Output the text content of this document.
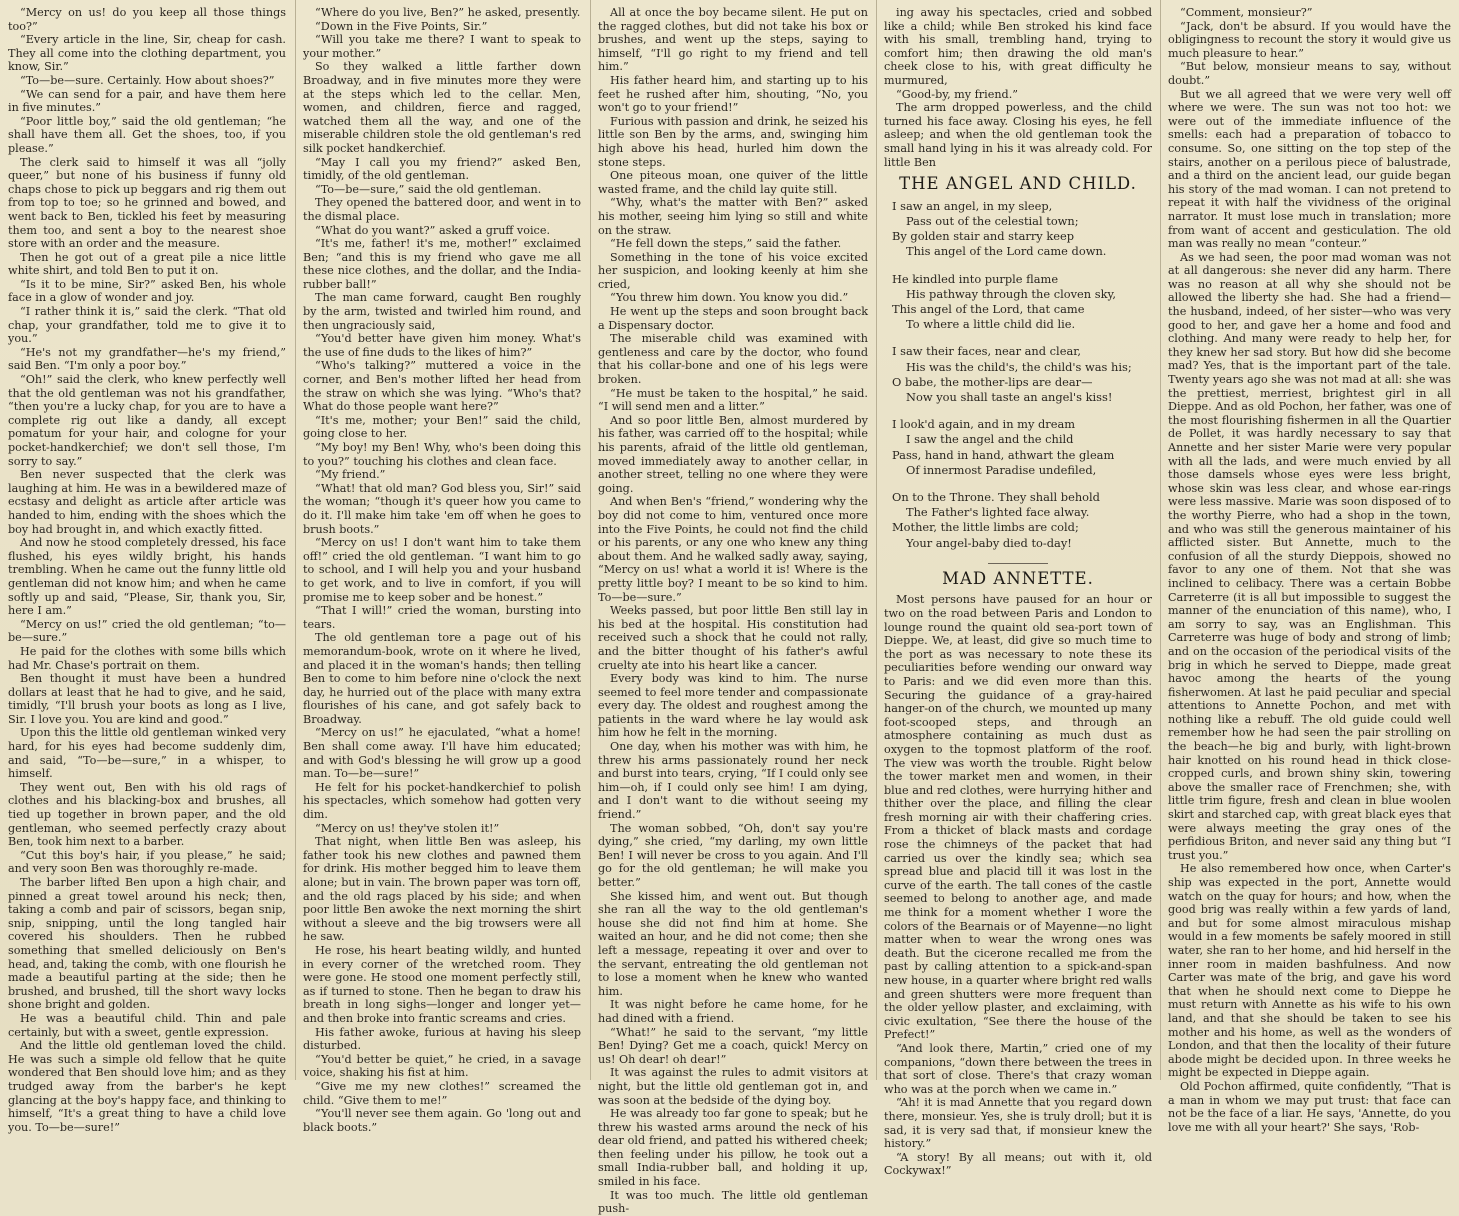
“Mercy on us! do you keep all those things too?”

“Every article in the line, Sir, cheap for cash. They all come into the clothing department, you know, Sir.”

“To—be—sure. Certainly. How about shoes?”

“We can send for a pair, and have them here in five minutes.”

“Poor little boy,” said the old gentleman; “he shall have them all. Get the shoes, too, if you please.”

The clerk said to himself it was all “jolly queer,” but none of his business if funny old chaps chose to pick up beggars and rig them out from top to toe; so he grinned and bowed, and went back to Ben, tickled his feet by measuring them too, and sent a boy to the nearest shoe store with an order and the measure.

Then he got out of a great pile a nice little white shirt, and told Ben to put it on.

“Is it to be mine, Sir?” asked Ben, his whole face in a glow of wonder and joy.

“I rather think it is,” said the clerk. “That old chap, your grandfather, told me to give it to you.”

“He's not my grandfather—he's my friend,” said Ben. “I'm only a poor boy.”

“Oh!” said the clerk, who knew perfectly well that the old gentleman was not his grandfather, “then you're a lucky chap, for you are to have a complete rig out like a dandy, all except pomatum for your hair, and cologne for your pocket-handkerchief; we don't sell those, I'm sorry to say.”

Ben never suspected that the clerk was laughing at him. He was in a bewildered maze of ecstasy and delight as article after article was handed to him, ending with the shoes which the boy had brought in, and which exactly fitted.

And now he stood completely dressed, his face flushed, his eyes wildly bright, his hands trembling. When he came out the funny little old gentleman did not know him; and when he came softly up and said, “Please, Sir, thank you, Sir, here I am.”

“Mercy on us!” cried the old gentleman; “to—be—sure.”

He paid for the clothes with some bills which had Mr. Chase's portrait on them.

Ben thought it must have been a hundred dollars at least that he had to give, and he said, timidly, “I'll brush your boots as long as I live, Sir. I love you. You are kind and good.”

Upon this the little old gentleman winked very hard, for his eyes had become suddenly dim, and said, “To—be—sure,” in a whisper, to himself.

They went out, Ben with his old rags of clothes and his blacking-box and brushes, all tied up together in brown paper, and the old gentleman, who seemed perfectly crazy about Ben, took him next to a barber.

“Cut this boy's hair, if you please,” he said; and very soon Ben was thoroughly re-made.

The barber lifted Ben upon a high chair, and pinned a great towel around his neck; then, taking a comb and pair of scissors, began snip, snip, snipping, until the long tangled hair covered his shoulders. Then he rubbed something that smelled deliciously on Ben's head, and, taking the comb, with one flourish he made a beautiful parting at the side; then he brushed, and brushed, till the short wavy locks shone bright and golden.

He was a beautiful child. Thin and pale certainly, but with a sweet, gentle expression.

And the little old gentleman loved the child. He was such a simple old fellow that he quite wondered that Ben should love him; and as they trudged away from the barber's he kept glancing at the boy's happy face, and thinking to himself, “It's a great thing to have a child love you. To—be—sure!”

“Where do you live, Ben?” he asked, presently.

“Down in the Five Points, Sir.”

“Will you take me there? I want to speak to your mother.”

So they walked a little farther down Broadway, and in five minutes more they were at the steps which led to the cellar. Men, women, and children, fierce and ragged, watched them all the way, and one of the miserable children stole the old gentleman's red silk pocket handkerchief.

“May I call you my friend?” asked Ben, timidly, of the old gentleman.

“To—be—sure,” said the old gentleman.

They opened the battered door, and went in to the dismal place.

“What do you want?” asked a gruff voice.

“It's me, father! it's me, mother!” exclaimed Ben; “and this is my friend who gave me all these nice clothes, and the dollar, and the India-rubber ball!”

The man came forward, caught Ben roughly by the arm, twisted and twirled him round, and then ungraciously said,

“You'd better have given him money. What's the use of fine duds to the likes of him?”

“Who's talking?” muttered a voice in the corner, and Ben's mother lifted her head from the straw on which she was lying. “Who's that? What do those people want here?”

“It's me, mother; your Ben!” said the child, going close to her.

“My boy! my Ben! Why, who's been doing this to you?” touching his clothes and clean face.

“My friend.”

“What! that old man? God bless you, Sir!” said the woman; “though it's queer how you came to do it. I'll make him take 'em off when he goes to brush boots.”

“Mercy on us! I don't want him to take them off!” cried the old gentleman. “I want him to go to school, and I will help you and your husband to get work, and to live in comfort, if you will promise me to keep sober and be honest.”

“That I will!” cried the woman, bursting into tears.

The old gentleman tore a page out of his memorandum-book, wrote on it where he lived, and placed it in the woman's hands; then telling Ben to come to him before nine o'clock the next day, he hurried out of the place with many extra flourishes of his cane, and got safely back to Broadway.

“Mercy on us!” he ejaculated, “what a home! Ben shall come away. I'll have him educated; and with God's blessing he will grow up a good man. To—be—sure!”

He felt for his pocket-handkerchief to polish his spectacles, which somehow had gotten very dim.

“Mercy on us! they've stolen it!”

That night, when little Ben was asleep, his father took his new clothes and pawned them for drink. His mother begged him to leave them alone; but in vain. The brown paper was torn off, and the old rags placed by his side; and when poor little Ben awoke the next morning the shirt without a sleeve and the big trowsers were all he saw.

He rose, his heart beating wildly, and hunted in every corner of the wretched room. They were gone. He stood one moment perfectly still, as if turned to stone. Then he began to draw his breath in long sighs—longer and longer yet—and then broke into frantic screams and cries.

His father awoke, furious at having his sleep disturbed.

“You'd better be quiet,” he cried, in a savage voice, shaking his fist at him.

“Give me my new clothes!” screamed the child. “Give them to me!”

“You'll never see them again. Go 'long out and black boots.”

All at once the boy became silent. He put on the ragged clothes, but did not take his box or brushes, and went up the steps, saying to himself, “I'll go right to my friend and tell him.”

His father heard him, and starting up to his feet he rushed after him, shouting, “No, you won't go to your friend!”

Furious with passion and drink, he seized his little son Ben by the arms, and, swinging him high above his head, hurled him down the stone steps.

One piteous moan, one quiver of the little wasted frame, and the child lay quite still.

“Why, what's the matter with Ben?” asked his mother, seeing him lying so still and white on the straw.

“He fell down the steps,” said the father.

Something in the tone of his voice excited her suspicion, and looking keenly at him she cried,

“You threw him down. You know you did.”

He went up the steps and soon brought back a Dispensary doctor.

The miserable child was examined with gentleness and care by the doctor, who found that his collar-bone and one of his legs were broken.

“He must be taken to the hospital,” he said. “I will send men and a litter.”

And so poor little Ben, almost murdered by his father, was carried off to the hospital; while his parents, afraid of the little old gentleman, moved immediately away to another cellar, in another street, telling no one where they were going.

And when Ben's “friend,” wondering why the boy did not come to him, ventured once more into the Five Points, he could not find the child or his parents, or any one who knew any thing about them. And he walked sadly away, saying, “Mercy on us! what a world it is! Where is the pretty little boy? I meant to be so kind to him. To—be—sure.”

Weeks passed, but poor little Ben still lay in his bed at the hospital. His constitution had received such a shock that he could not rally, and the bitter thought of his father's awful cruelty ate into his heart like a cancer.

Every body was kind to him. The nurse seemed to feel more tender and compassionate every day. The oldest and roughest among the patients in the ward where he lay would ask him how he felt in the morning.

One day, when his mother was with him, he threw his arms passionately round her neck and burst into tears, crying, “If I could only see him—oh, if I could only see him! I am dying, and I don't want to die without seeing my friend.”

The woman sobbed, “Oh, don't say you're dying,” she cried, “my darling, my own little Ben! I will never be cross to you again. And I'll go for the old gentleman; he will make you better.”

She kissed him, and went out. But though she ran all the way to the old gentleman's house she did not find him at home. She waited an hour, and he did not come; then she left a message, repeating it over and over to the servant, entreating the old gentleman not to lose a moment when he knew who wanted him.

It was night before he came home, for he had dined with a friend.

“What!” he said to the servant, “my little Ben! Dying? Get me a coach, quick! Mercy on us! Oh dear! oh dear!”

It was against the rules to admit visitors at night, but the little old gentleman got in, and was soon at the bedside of the dying boy.

He was already too far gone to speak; but he threw his wasted arms around the neck of his dear old friend, and patted his withered cheek; then feeling under his pillow, he took out a small India-rubber ball, and holding it up, smiled in his face.

It was too much. The little old gentleman push-

ing away his spectacles, cried and sobbed like a child; while Ben stroked his kind face with his small, trembling hand, trying to comfort him; then drawing the old man's cheek close to his, with great difficulty he murmured,

“Good-by, my friend.”

The arm dropped powerless, and the child turned his face away. Closing his eyes, he fell asleep; and when the old gentleman took the small hand lying in his it was already cold. For little Ben

THE ANGEL AND CHILD.
I saw an angel, in my sleep,
Pass out of the celestial town;
By golden stair and starry keep
This angel of the Lord came down.
He kindled into purple flame
His pathway through the cloven sky,
This angel of the Lord, that came
To where a little child did lie.
I saw their faces, near and clear,
His was the child's, the child's was his;
O babe, the mother-lips are dear—
Now you shall taste an angel's kiss!
I look'd again, and in my dream
I saw the angel and the child
Pass, hand in hand, athwart the gleam
Of innermost Paradise undefiled,
On to the Throne. They shall behold
The Father's lighted face alway.
Mother, the little limbs are cold;
Your angel-baby died to-day!
MAD ANNETTE.

Most persons have paused for an hour or two on the road between Paris and London to lounge round the quaint old sea-port town of Dieppe. We, at least, did give so much time to the port as was necessary to note these its peculiarities before wending our onward way to Paris: and we did even more than this. Securing the guidance of a gray-haired hanger-on of the church, we mounted up many foot-scooped steps, and through an atmosphere containing as much dust as oxygen to the topmost platform of the roof. The view was worth the trouble. Right below the tower market men and women, in their blue and red clothes, were hurrying hither and thither over the place, and filling the clear fresh morning air with their chaffering cries. From a thicket of black masts and cordage rose the chimneys of the packet that had carried us over the kindly sea; which sea spread blue and placid till it was lost in the curve of the earth. The tall cones of the castle seemed to belong to another age, and made me think for a moment whether I wore the colors of the Bearnais or of Mayenne—no light matter when to wear the wrong ones was death. But the cicerone recalled me from the past by calling attention to a spick-and-span new house, in a quarter where bright red walls and green shutters were more frequent than the older yellow plaster, and exclaiming, with civic exultation, “See there the house of the Prefect!”

“And look there, Martin,” cried one of my companions, “down there between the trees in that sort of close. There's that crazy woman who was at the porch when we came in.”

“Ah! it is mad Annette that you regard down there, monsieur. Yes, she is truly droll; but it is sad, it is very sad that, if monsieur knew the history.”

“A story! By all means; out with it, old Cockywax!”

“Comment, monsieur?”

“Jack, don't be absurd. If you would have the obligingness to recount the story it would give us much pleasure to hear.”

“But below, monsieur means to say, without doubt.”

But we all agreed that we were very well off where we were. The sun was not too hot: we were out of the immediate influence of the smells: each had a preparation of tobacco to consume. So, one sitting on the top step of the stairs, another on a perilous piece of balustrade, and a third on the ancient lead, our guide began his story of the mad woman. I can not pretend to repeat it with half the vividness of the original narrator. It must lose much in translation; more from want of accent and gesticulation. The old man was really no mean “conteur.”

As we had seen, the poor mad woman was not at all dangerous: she never did any harm. There was no reason at all why she should not be allowed the liberty she had. She had a friend—the husband, indeed, of her sister—who was very good to her, and gave her a home and food and clothing. And many were ready to help her, for they knew her sad story. But how did she become mad? Yes, that is the important part of the tale. Twenty years ago she was not mad at all: she was the prettiest, merriest, brightest girl in all Dieppe. And as old Pochon, her father, was one of the most flourishing fishermen in all the Quartier de Pollet, it was hardly necessary to say that Annette and her sister Marie were very popular with all the lads, and were much envied by all those damsels whose eyes were less bright, whose skin was less clear, and whose ear-rings were less massive. Marie was soon disposed of to the worthy Pierre, who had a shop in the town, and who was still the generous maintainer of his afflicted sister. But Annette, much to the confusion of all the sturdy Dieppois, showed no favor to any one of them. Not that she was inclined to celibacy. There was a certain Bobbe Carreterre (it is all but impossible to suggest the manner of the enunciation of this name), who, I am sorry to say, was an Englishman. This Carreterre was huge of body and strong of limb; and on the occasion of the periodical visits of the brig in which he served to Dieppe, made great havoc among the hearts of the young fisherwomen. At last he paid peculiar and special attentions to Annette Pochon, and met with nothing like a rebuff. The old guide could well remember how he had seen the pair strolling on the beach—he big and burly, with light-brown hair knotted on his round head in thick close-cropped curls, and brown shiny skin, towering above the smaller race of Frenchmen; she, with little trim figure, fresh and clean in blue woolen skirt and starched cap, with great black eyes that were always meeting the gray ones of the perfidious Briton, and never said any thing but “I trust you.”

He also remembered how once, when Carter's ship was expected in the port, Annette would watch on the quay for hours; and how, when the good brig was really within a few yards of land, and but for some almost miraculous mishap would in a few moments be safely moored in still water, she ran to her home, and hid herself in the inner room in maiden bashfulness. And now Carter was mate of the brig, and gave his word that when he should next come to Dieppe he must return with Annette as his wife to his own land, and that she should be taken to see his mother and his home, as well as the wonders of London, and that then the locality of their future abode might be decided upon. In three weeks he might be expected in Dieppe again.

Old Pochon affirmed, quite confidently, “That is a man in whom we may put trust: that face can not be the face of a liar. He says, 'Annette, do you love me with all your heart?' She says, 'Rob-
